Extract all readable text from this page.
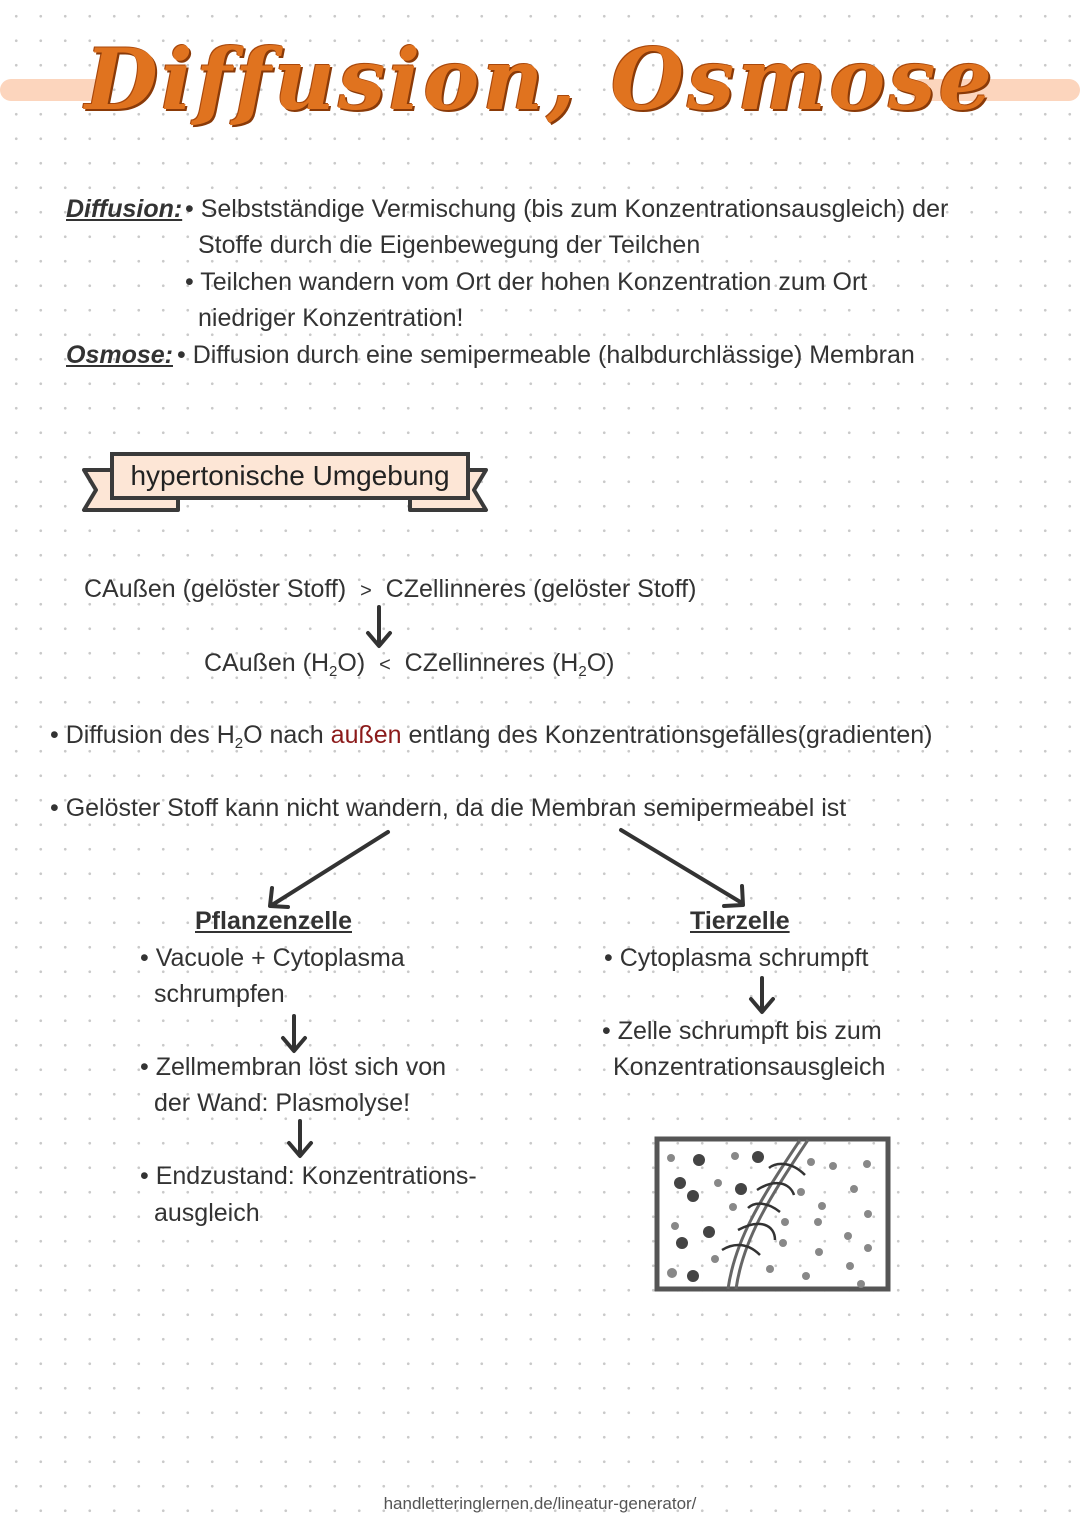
Diffusion, Osmose
Diffusion: • Selbstständige Vermischung (bis zum Konzentrationsausgleich) der
Stoffe durch die Eigenbewegung der Teilchen
• Teilchen wandern vom Ort der hohen Konzentration zum Ort
niedriger Konzentration!
Osmose: • Diffusion durch eine semipermeable (halbdurchlässige) Membran
hypertonische Umgebung
CAußen (gelöster Stoff) > CZellinneres (gelöster Stoff)
CAußen $(H_2O)$ < CZellinneres $(H_2O)$
• Diffusion des $H_2O$ nach außen entlang des Konzentrationsgefälles(gradienten)
• Gelöster Stoff kann nicht wandern, da die Membran semipermeabel ist
Pflanzenzelle
• Vacuole + Cytoplasma
schrumpfen
• Zellmembran löst sich von
der Wand: Plasmolyse!
• Endzustand: Konzentrations-
ausgleich
Tierzelle
• Cytoplasma schrumpft
• Zelle schrumpft bis zum
Konzentrationsausgleich
handletteringlernen.de/lineatur-generator/
